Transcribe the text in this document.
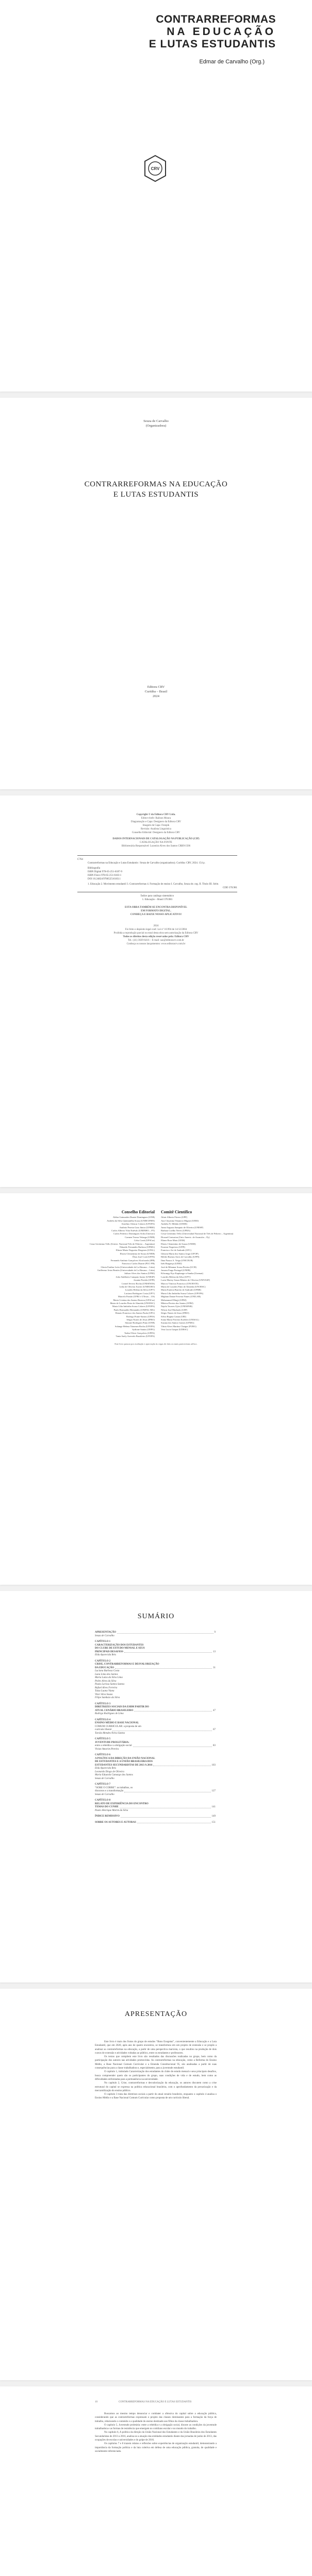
CONTRARREFORMAS
NA EDUCAÇÃO
E LUTAS ESTUDANTIS
Edmar de Carvalho (Org.)
CRV
Seuza de Carvalho
(Organizadora)
CONTRARREFORMAS NA EDUCAÇÃO
E LUTAS ESTUDANTIS
Editora CRV
Curitiba – Brasil
2024
Copyright © da Editora CRV Ltda.
Editor-chefe: Railson Moura
Diagramação e Capa: Designers da Editora CRV
Imagem de Capa: Freepik
Revisão: Analista Linguística
Conselho Editorial: Designers da Editora CRV
DADOS INTERNACIONAIS DE CATALOGAÇÃO NA PUBLICAÇÃO (CIP)
CATALOGAÇÃO NA FONTE
Bibliotecária Responsável: Luzenira Alves dos Santos CRB9/1506
C764
Contrarreformas na Educação e Lutas Estudantis / Seuza de Carvalho (organizadora). Curitiba: CRV, 2024. 154 p.
Bibliografia
ISBN Digital 978-65-251-6187-9
ISBN Físico 978-65-251-6183-1
DOI 10.24824/978652516183.1
1. Educação 2. Movimento estudantil 3. Contrarreformas 4. Formação de ensino I. Carvalho, Seuza de. org. II. Título III. Série.
CDD 370.981
Índice para catálogo sistemático
1. Educação – Brasil 370.981
ESTA OBRA TAMBÉM SE ENCONTRA DISPONÍVEL
EM FORMATO DIGITAL.
CONHEÇA E BAIXE NOSSO APLICATIVO!
2024
Foi feito o depósito legal conf. Lei nº 10.994 de 14/12/2004
Proibida a reprodução parcial ou total desta obra sem autorização da Editora CRV
Todos os direitos desta edição reservados pela: Editora CRV
Tel.: (41) 3029-6416 – E-mail: sac@editoracrv.com.br
Conheça os nossos lançamentos: www.editoracrv.com.br
Conselho Editorial
Aldira Guimarães Duarte Domínguez (UNB)
Andréia da Silva Quintanilha Sousa (UNIR/UFRN)
Anselmo Alencar Colares (UFOPA)
Antônio Pereira Gaio Júnior (UFRRJ)
Carlos Alberto Vilar Estêvão (UMINHO – PT)
Carlos Federico Dominguez Avila (Unieuro)
Carmen Tereza Velanga (UNIR)
Celso Conti (UFSCar)
Cesar Gerónimo Tello (Univer. Nacional Três de Febrero – Argentina)
Eduardo Fernandes Barbosa (UFMG)
Elione Maria Nogueira Diogenes (UFAL)
Elizeu Clementino de Souza (UNEB)
Élsio José Corá (UFFS)
Fernando Antônio Gonçalves Alcoforado (IPB)
Francisco Carlos Duarte (PUC-PR)
Gloria Fariñas León (Universidade de La Havana – Cuba)
Guillermo Arias Beatón (Universidade de La Havana – Cuba)
Jailson Alves dos Santos (UFRJ)
João Adalberto Campato Junior (UNESP)
Josania Portela (UFPI)
Leonel Severo Rocha (UNISINOS)
Lídia de Oliveira Xavier (UNIEURO)
Lourdes Helena da Silva (UFV)
Luciano Rodrigues Costa (UFV)
Marcelo Paixão (UFRJ e UTexas – US)
Maria Cristina dos Santos Bezerra (UFSCar)
Maria de Lourdes Pinto de Almeida (UNOESC)
Maria Lília Imbiriba Sousa Colares (UFOPA)
Paulo Romualdo Hernandes (UNIFAL-MG)
Renato Francisco dos Santos Paula (UFG)
Rodrigo Pratte-Santos (UFES)
Sérgio Nunes de Jesus (IFRO)
Simone Rodrigues Pinto (UNB)
Solange Helena Ximenes-Rocha (UFOPA)
Sydione Santos (UEPG)
Tadeu Oliver Gonçalves (UFPA)
Tania Suely Azevedo Brasileiro (UFOPA)
Comitê Científico
Altair Alberto Fávero (UPF)
Ana Chrystina Venancio Mignot (UERJ)
Andréia N. Militão (UEMS)
Anna Augusta Sampaio de Oliveira (UNESP)
Barbara Coelho Neves (UFBA)
Cesar Gerónimo Tello (Universidad Nacional de Três de Febrero – Argentina)
Diosnel Centurion (Univ Americ. de Asunción – Py)
Eliane Rose Maio (UEM)
Elizeu Clementino de Souza (UNEB)
Fauston Negreiros (UFPI)
Francisco Ari de Andrade (UFC)
Gláucia Maria dos Santos Jorge (UFOP)
Helder Buenos Aires de Carvalho (UFPI)
Ilma Passos A. Veiga (UNICEUB)
Inês Bragança (UERJ)
José de Ribamar Sousa Pereira (UCB)
Jussara Fraga Portugal (UNEB)
Kilwangy Kya Kapitango-a-Samba (Unemat)
Lourdes Helena da Silva (UFV)
Lucia Marisy Souza Ribeiro de Oliveira (UNIVASF)
Marcos Vinicius Francisco (UNOESTE)
Maria de Lourdes Pinto de Almeida (UNOESC)
Maria Eurácia Barreto de Andrade (UFRB)
Maria Lília Imbiriba Sousa Colares (UFOPA)
Míghian Danae Ferreira Nunes (UNILAB)
Mohammed Elhajji (UFRJ)
Mônica Pereira dos Santos (UFRJ)
Najela Tavares Ujiie (UNESPAR)
Nilson José Machado (USP)
Sérgio Nunes de Jesus (IFRO)
Silvia Regina Canan (URI)
Sonia Maria Ferreira Koehler (UNISAL)
Suzana dos Santos Gomes (UFMG)
Vânia Alves Martins Chaigar (FURG)
Vera Lucia Gaspar (UDESC)
Este livro passou por avaliação e aprovação às cegas de dois ou mais pareceristas ad hoc.
SUMÁRIO
APRESENTAÇÃO	9
Seuza de Carvalho
CAPÍTULO 1
CARACTERIZAÇÃO DOS ESTUDANTES
DO CLUBE DE ESTUDO MENSAL E SEUS
PRINCIPAIS DESAFIOS	13
Elda Aparecida Reis
CAPÍTULO 2
CRISE, CONTRARREFORMAS E DESVALORIZAÇÃO
DA EDUCAÇÃO	31
Luciana Barbosa Costa
Luna Lima dos Santos
Maria Luiza da Silva Lima
Pedro Alves da Silva
Paula Larissa Santos Santos
Rafael Alves Ferreira
Taiza Luana Viana
Vitor Silva Souza
Filipe Sambaio da Silva
CAPÍTULO 3
DIRETRIZES SOCIAIS DA ESBM PARTIR DO
ATUAL CENÁRIO BRASILEIRO	47
Rodrigo Rodrigues de Lima
CAPÍTULO 4
ENSINO MÉDIO E BASE NACIONAL
COMUM CURRICULAR: a proposta de um
currículo liberal	67
Tarsila Mendes Neiva Santos
CAPÍTULO 5
JUVENTUDE PROLETÁRIA:
entre a rebeldia e a obrigação social	83
Vivian Amorim Pereira
CAPÍTULO 6
A POLÍTICA DA DIREÇÃO DA UNIÃO NACIONAL
DE ESTUDANTES E A UNIÃO BRASILEIRA DOS
ESTUDANTES SECUNDARISTAS DE 2013 A 2016	103
Elda Aparecida Reis
Leonardo Diogo de Oliveira
Maria Eduarda Camargo dos Santos
Seuza de Carvalho
CAPÍTULO 7
“SOBE O CORRE”: as trabalhos, os
discursos e a transformação	127
Seuza de Carvalho
CAPÍTULO 8
RELATO DE EXPERIÊNCIA DO ENCONTRO
TEMAS DO CUNHE	141
Paulo Henrique Marim da Silva
ÍNDICE REMISSIVO	149
SOBRE OS AUTORES E AUTORAS	151
APRESENTAÇÃO

Este livro é mais dos frutos do grupo de estudos “Bons Exegetas”, convenientemente a Educação e a Luta Estudantil, que em 2020, após ano de quatro encontros, se transformou em um projeto de extensão e se propôs a analisar as contrarreformas na educação, a partir de uma perspectiva marxista, o que resultou na produção de dois cursos de extensão e atividades voltadas ao público, entre os estudantes e professores.

Os textos que compõem este livro são resultados das discussões realizadas no grupo, bem como da participação dos autores nas atividades promovidas. As contrarreformas na educação, como a Reforma do Ensino Médio, a Base Nacional Comum Curricular e a Emenda Constitucional 95, são analisadas a partir de suas consequências para a classe trabalhadora e, especialmente, para a juventude estudantil.

O capítulo 1, intitulado Caracterização dos estudantes do clube de estudo mensal e seus principais desafios, busca compreender quem são os participantes do grupo, suas condições de vida e de estudo, bem como as dificuldades enfrentadas para a permanência na universidade.

No capítulo 2, Crise, contrarreformas e desvalorização da educação, os autores discutem como a crise estrutural do capital se expressa na política educacional brasileira, com o aprofundamento da precarização e da mercantilização do ensino público.

O capítulo 3 trata das diretrizes sociais a partir do atual cenário brasileiro, enquanto o capítulo 4 analisa o Ensino Médio e a Base Nacional Comum Curricular como proposta de um currículo liberal.

10	CONTRARREFORMAS NA EDUCAÇÃO E LUTAS ESTUDANTIS

Buscamos ao mesmo tempo denunciar e combater a ofensiva do capital sobre a educação pública, considerando que as contrarreformas expressam o projeto das classes dominantes para a formação da força de trabalho, rebaixando o conteúdo e a qualidade do ensino destinado aos filhos da classe trabalhadora.

O capítulo 5, Juventude proletária: entre a rebeldia e a obrigação social, discute as condições da juventude trabalhadora e as formas de resistência que emergem no cotidiano escolar e no mundo do trabalho.

No capítulo 6, A política da direção da União Nacional dos Estudantes e da União Brasileira dos Estudantes Secundaristas de 2013 a 2016, analisa-se a atuação das entidades estudantis diante das jornadas de junho de 2013, das ocupações de escolas e universidades e do golpe de 2016.

Os capítulos 7 e 8 trazem relatos e reflexões sobre experiências de organização estudantil, demonstrando a importância da formação política e da luta coletiva em defesa de uma educação pública, gratuita, de qualidade e socialmente referenciada.
